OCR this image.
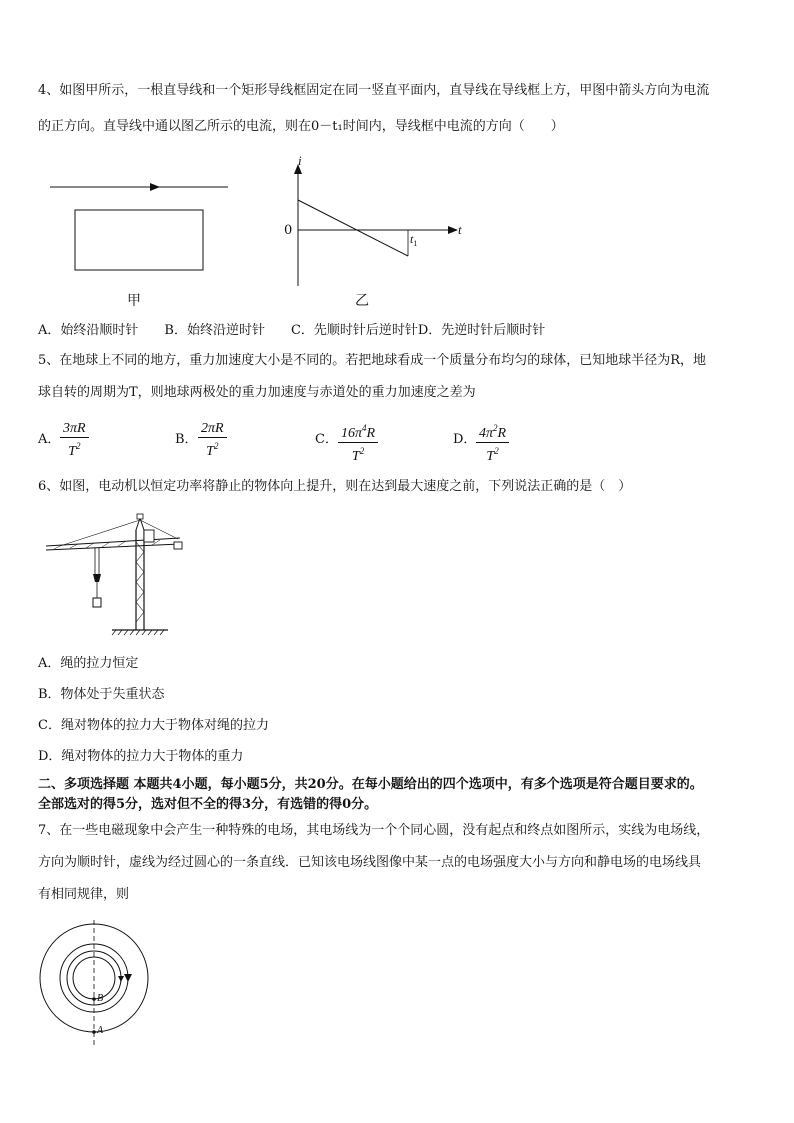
4、如图甲所示，一根直导线和一个矩形导线框固定在同一竖直平面内，直导线在导线框上方，甲图中箭头方向为电流
的正方向。直导线中通以图乙所示的电流，则在0－t₁时间内，导线框中电流的方向（　　）
甲
i
t
0
$t_1$
乙
A．始终沿顺时针　　B．始终沿逆时针　　C．先顺时针后逆时针D．先逆时针后顺时针
5、在地球上不同的地方，重力加速度大小是不同的。若把地球看成一个质量分布均匀的球体，已知地球半径为R，地
球自转的周期为T，则地球两极处的重力加速度与赤道处的重力加速度之差为
A． $\frac{3\pi R}{T^2}$	B． $\frac{2\pi R}{T^2}$	C． $\frac{16\pi^4R}{T^2}$	D． $\frac{4\pi^2R}{T^2}$
6、如图，电动机以恒定功率将静止的物体向上提升，则在达到最大速度之前，下列说法正确的是（　）
A．绳的拉力恒定
B．物体处于失重状态
C．绳对物体的拉力大于物体对绳的拉力
D．绳对物体的拉力大于物体的重力
二、多项选择题 本题共4小题，每小题5分，共20分。在每小题给出的四个选项中，有多个选项是符合题目要求的。
全部选对的得5分，选对但不全的得3分，有选错的得0分。
7、在一些电磁现象中会产生一种特殊的电场，其电场线为一个个同心圆，没有起点和终点如图所示，实线为电场线，
方向为顺时针，虚线为经过圆心的一条直线．已知该电场线图像中某一点的电场强度大小与方向和静电场的电场线具
有相同规律，则
B
A
